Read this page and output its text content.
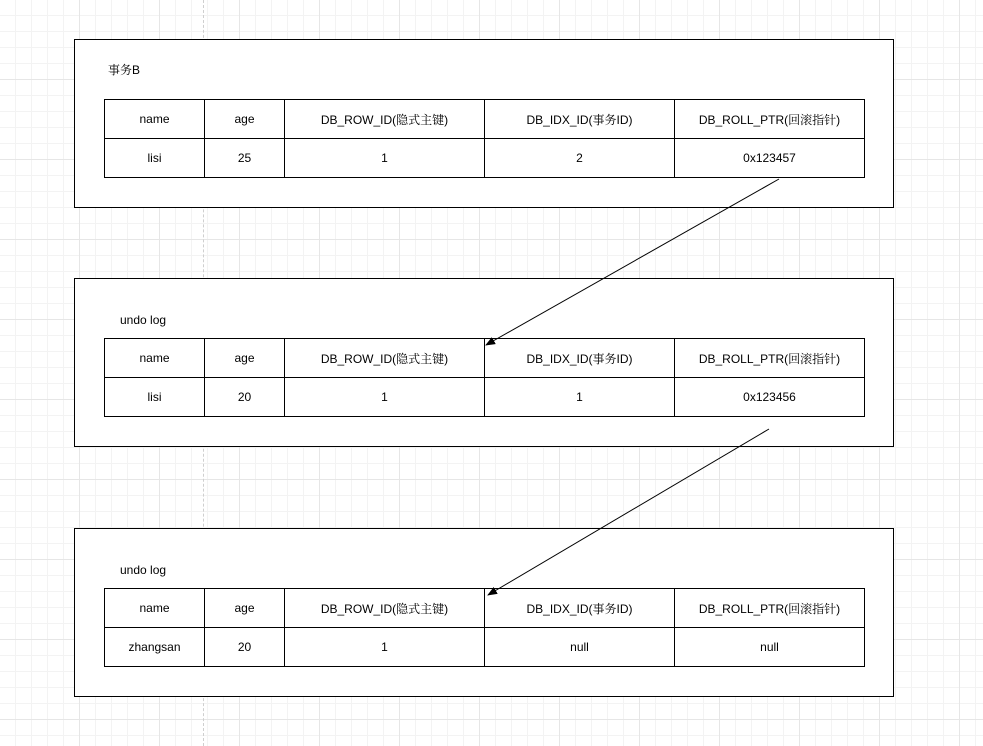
事务B
name	age	DB_ROW_ID(隐式主键)	DB_IDX_ID(事务ID)	DB_ROLL_PTR(回滚指针)
lisi	25	1	2	0x123457
undo log
name	age	DB_ROW_ID(隐式主键)	DB_IDX_ID(事务ID)	DB_ROLL_PTR(回滚指针)
lisi	20	1	1	0x123456
undo log
name	age	DB_ROW_ID(隐式主键)	DB_IDX_ID(事务ID)	DB_ROLL_PTR(回滚指针)
zhangsan	20	1	null	null
